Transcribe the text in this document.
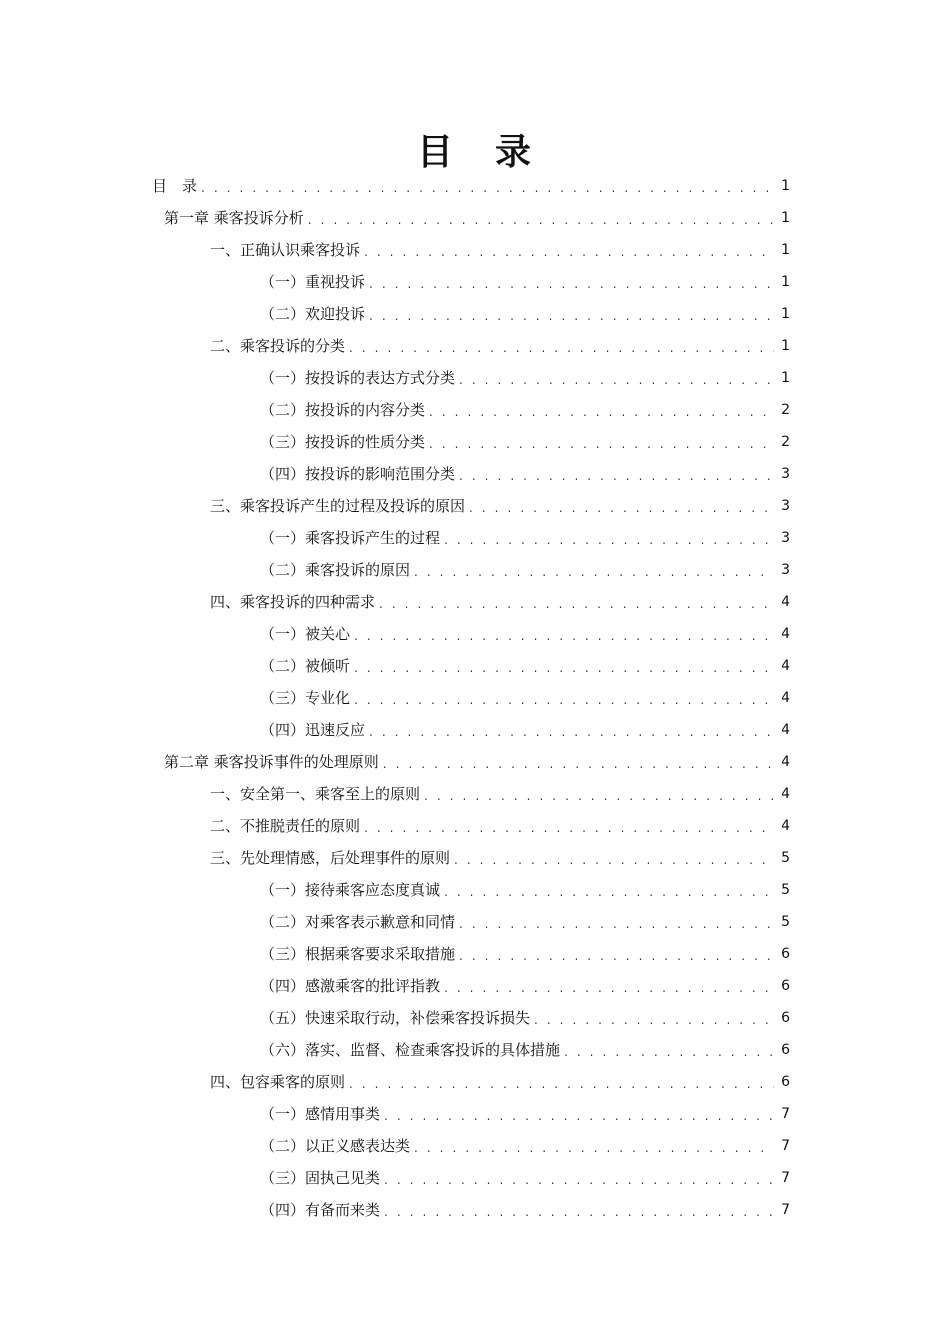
目 录
目　录 . . .	1
第一章 乘客投诉分析 . . .	1
一、正确认识乘客投诉 . . .	1
（一）重视投诉 . . .	1
（二）欢迎投诉 . . .	1
二、乘客投诉的分类 . . .	1
（一）按投诉的表达方式分类 . . .	1
（二）按投诉的内容分类 . . .	2
（三）按投诉的性质分类 . . .	2
（四）按投诉的影响范围分类 . . .	3
三、乘客投诉产生的过程及投诉的原因 . . .	3
（一）乘客投诉产生的过程 . . .	3
（二）乘客投诉的原因 . . .	3
四、乘客投诉的四种需求 . . .	4
（一）被关心 . . .	4
（二）被倾听 . . .	4
（三）专业化 . . .	4
（四）迅速反应 . . .	4
第二章 乘客投诉事件的处理原则 . . .	4
一、安全第一、乘客至上的原则 . . .	4
二、不推脱责任的原则 . . .	4
三、先处理情感，后处理事件的原则 . . .	5
（一）接待乘客应态度真诚 . . .	5
（二）对乘客表示歉意和同情 . . .	5
（三）根据乘客要求采取措施 . . .	6
（四）感激乘客的批评指教 . . .	6
（五）快速采取行动，补偿乘客投诉损失 . . .	6
（六）落实、监督、检查乘客投诉的具体措施 . . .	6
四、包容乘客的原则 . . .	6
（一）感情用事类 . . .	7
（二）以正义感表达类 . . .	7
（三）固执己见类 . . .	7
（四）有备而来类 . . .	7
